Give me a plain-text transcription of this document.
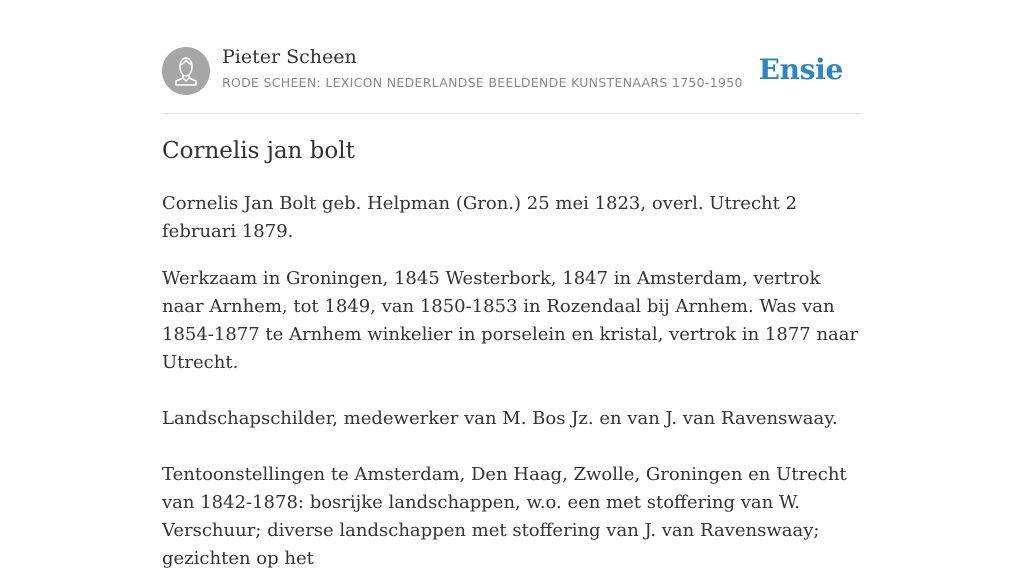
Pieter Scheen
RODE SCHEEN: LEXICON NEDERLANDSE BEELDENDE KUNSTENAARS 1750-1950 Ensie
Cornelis jan bolt

Cornelis Jan Bolt geb. Helpman (Gron.) 25 mei 1823, overl. Utrecht 2 februari 1879.

Werkzaam in Groningen, 1845 Westerbork, 1847 in Amsterdam, vertrok naar Arnhem, tot 1849, van 1850-1853 in Rozendaal bij Arnhem. Was van 1854-1877 te Arnhem winkelier in porselein en kristal, vertrok in 1877 naar Utrecht.

Landschapschilder, medewerker van M. Bos Jz. en van J. van Ravenswaay.

Tentoonstellingen te Amsterdam, Den Haag, Zwolle, Groningen en Utrecht van 1842-1878: bosrijke landschappen, w.o. een met stoffering van W. Verschuur; diverse landschappen met stoffering van J. van Ravenswaay; gezichten op het
